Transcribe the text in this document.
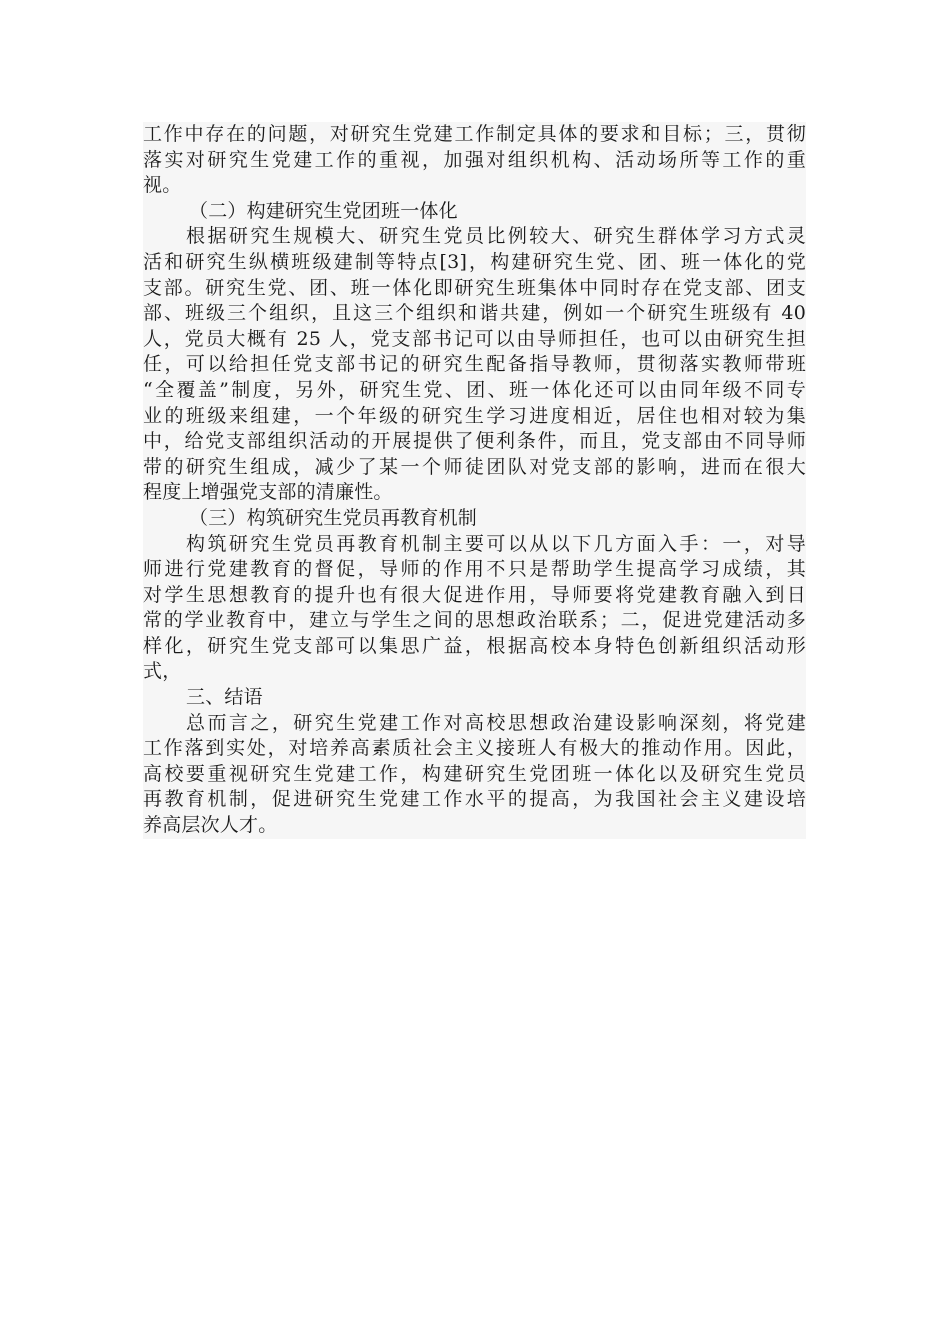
工作中存在的问题，对研究生党建工作制定具体的要求和目标；三，贯彻
落实对研究生党建工作的重视，加强对组织机构、活动场所等工作的重
视。
（二）构建研究生党团班一体化
根据研究生规模大、研究生党员比例较大、研究生群体学习方式灵
活和研究生纵横班级建制等特点[3]，构建研究生党、团、班一体化的党
支部。研究生党、团、班一体化即研究生班集体中同时存在党支部、团支
部、班级三个组织，且这三个组织和谐共建，例如一个研究生班级有 40
人，党员大概有 25 人，党支部书记可以由导师担任，也可以由研究生担
任，可以给担任党支部书记的研究生配备指导教师，贯彻落实教师带班
“全覆盖”制度，另外，研究生党、团、班一体化还可以由同年级不同专
业的班级来组建，一个年级的研究生学习进度相近，居住也相对较为集
中，给党支部组织活动的开展提供了便利条件，而且，党支部由不同导师
带的研究生组成，减少了某一个师徒团队对党支部的影响，进而在很大
程度上增强党支部的清廉性。
（三）构筑研究生党员再教育机制
构筑研究生党员再教育机制主要可以从以下几方面入手：一，对导
师进行党建教育的督促，导师的作用不只是帮助学生提高学习成绩，其
对学生思想教育的提升也有很大促进作用，导师要将党建教育融入到日
常的学业教育中，建立与学生之间的思想政治联系；二，促进党建活动多
样化，研究生党支部可以集思广益，根据高校本身特色创新组织活动形
式，
三、结语
总而言之，研究生党建工作对高校思想政治建设影响深刻，将党建
工作落到实处，对培养高素质社会主义接班人有极大的推动作用。因此，
高校要重视研究生党建工作，构建研究生党团班一体化以及研究生党员
再教育机制，促进研究生党建工作水平的提高，为我国社会主义建设培
养高层次人才。
